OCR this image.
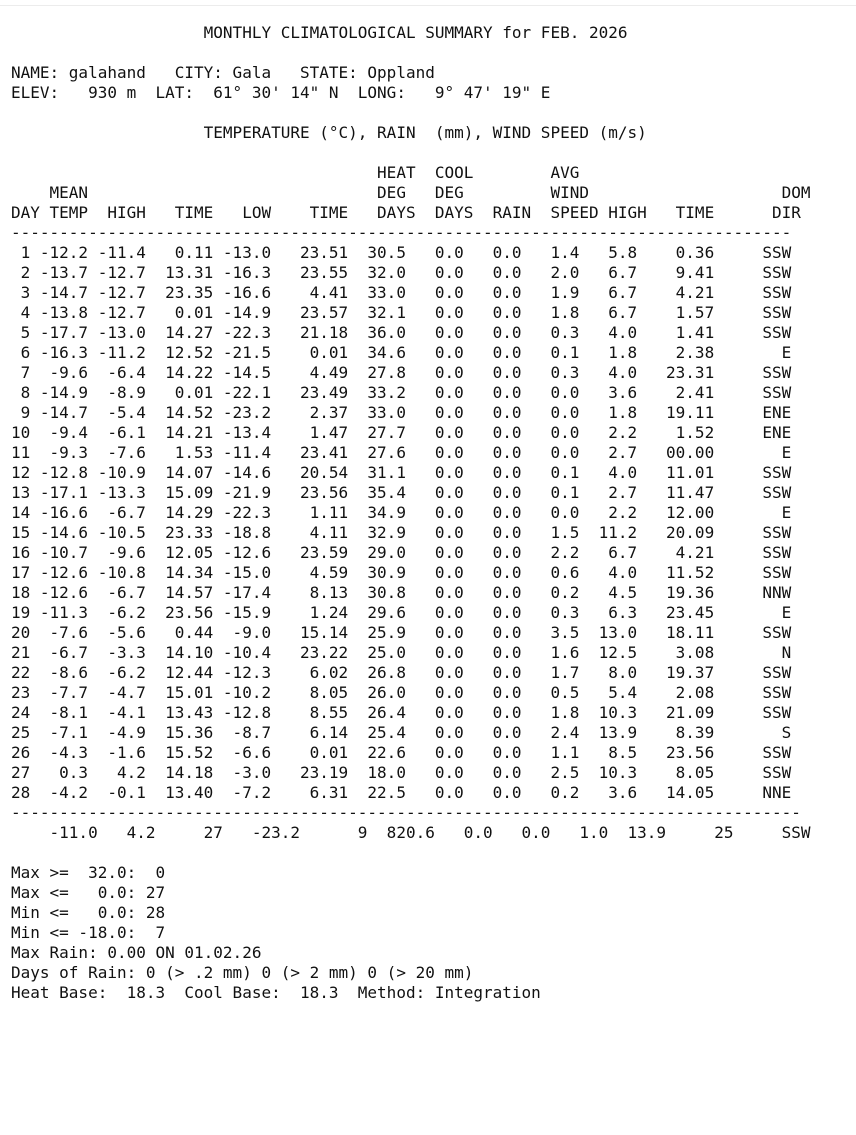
MONTHLY CLIMATOLOGICAL SUMMARY for FEB. 2026

NAME: galahand   CITY: Gala   STATE: Oppland
ELEV:   930 m  LAT:  61° 30' 14" N  LONG:   9° 47' 19" E

TEMPERATURE (°C), RAIN  (mm), WIND SPEED (m/s)

HEAT  COOL        AVG
MEAN                              DEG   DEG         WIND                    DOM
DAY TEMP  HIGH   TIME   LOW    TIME   DAYS  DAYS  RAIN  SPEED HIGH   TIME      DIR
---------------------------------------------------------------------------------
1 -12.2 -11.4   0.11 -13.0   23.51  30.5   0.0   0.0   1.4   5.8    0.36     SSW
2 -13.7 -12.7  13.31 -16.3   23.55  32.0   0.0   0.0   2.0   6.7    9.41     SSW
3 -14.7 -12.7  23.35 -16.6    4.41  33.0   0.0   0.0   1.9   6.7    4.21     SSW
4 -13.8 -12.7   0.01 -14.9   23.57  32.1   0.0   0.0   1.8   6.7    1.57     SSW
5 -17.7 -13.0  14.27 -22.3   21.18  36.0   0.0   0.0   0.3   4.0    1.41     SSW
6 -16.3 -11.2  12.52 -21.5    0.01  34.6   0.0   0.0   0.1   1.8    2.38       E
7  -9.6  -6.4  14.22 -14.5    4.49  27.8   0.0   0.0   0.3   4.0   23.31     SSW
8 -14.9  -8.9   0.01 -22.1   23.49  33.2   0.0   0.0   0.0   3.6    2.41     SSW
9 -14.7  -5.4  14.52 -23.2    2.37  33.0   0.0   0.0   0.0   1.8   19.11     ENE
10  -9.4  -6.1  14.21 -13.4    1.47  27.7   0.0   0.0   0.0   2.2    1.52     ENE
11  -9.3  -7.6   1.53 -11.4   23.41  27.6   0.0   0.0   0.0   2.7   00.00       E
12 -12.8 -10.9  14.07 -14.6   20.54  31.1   0.0   0.0   0.1   4.0   11.01     SSW
13 -17.1 -13.3  15.09 -21.9   23.56  35.4   0.0   0.0   0.1   2.7   11.47     SSW
14 -16.6  -6.7  14.29 -22.3    1.11  34.9   0.0   0.0   0.0   2.2   12.00       E
15 -14.6 -10.5  23.33 -18.8    4.11  32.9   0.0   0.0   1.5  11.2   20.09     SSW
16 -10.7  -9.6  12.05 -12.6   23.59  29.0   0.0   0.0   2.2   6.7    4.21     SSW
17 -12.6 -10.8  14.34 -15.0    4.59  30.9   0.0   0.0   0.6   4.0   11.52     SSW
18 -12.6  -6.7  14.57 -17.4    8.13  30.8   0.0   0.0   0.2   4.5   19.36     NNW
19 -11.3  -6.2  23.56 -15.9    1.24  29.6   0.0   0.0   0.3   6.3   23.45       E
20  -7.6  -5.6   0.44  -9.0   15.14  25.9   0.0   0.0   3.5  13.0   18.11     SSW
21  -6.7  -3.3  14.10 -10.4   23.22  25.0   0.0   0.0   1.6  12.5    3.08       N
22  -8.6  -6.2  12.44 -12.3    6.02  26.8   0.0   0.0   1.7   8.0   19.37     SSW
23  -7.7  -4.7  15.01 -10.2    8.05  26.0   0.0   0.0   0.5   5.4    2.08     SSW
24  -8.1  -4.1  13.43 -12.8    8.55  26.4   0.0   0.0   1.8  10.3   21.09     SSW
25  -7.1  -4.9  15.36  -8.7    6.14  25.4   0.0   0.0   2.4  13.9    8.39       S
26  -4.3  -1.6  15.52  -6.6    0.01  22.6   0.0   0.0   1.1   8.5   23.56     SSW
27   0.3   4.2  14.18  -3.0   23.19  18.0   0.0   0.0   2.5  10.3    8.05     SSW
28  -4.2  -0.1  13.40  -7.2    6.31  22.5   0.0   0.0   0.2   3.6   14.05     NNE
----------------------------------------------------------------------------------
-11.0   4.2     27   -23.2      9  820.6   0.0   0.0   1.0  13.9     25     SSW

Max >=  32.0:  0
Max <=   0.0: 27
Min <=   0.0: 28
Min <= -18.0:  7
Max Rain: 0.00 ON 01.02.26
Days of Rain: 0 (> .2 mm) 0 (> 2 mm) 0 (> 20 mm)
Heat Base:  18.3  Cool Base:  18.3  Method: Integration
